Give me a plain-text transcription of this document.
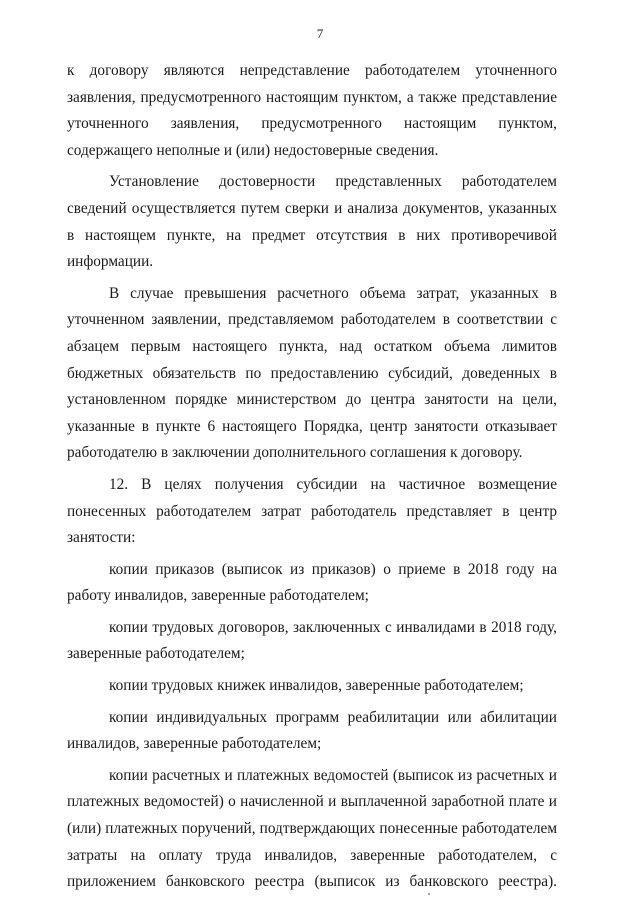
7

к договору являются непредставление работодателем уточненного заявления, предусмотренного настоящим пунктом, а также представление уточненного заявления, предусмотренного настоящим пунктом, содержащего неполные и (или) недостоверные сведения.

Установление достоверности представленных работодателем сведений осуществляется путем сверки и анализа документов, указанных в настоящем пункте, на предмет отсутствия в них противоречивой информации.

В случае превышения расчетного объема затрат, указанных в уточненном заявлении, представляемом работодателем в соответствии с абзацем первым настоящего пункта, над остатком объема лимитов бюджетных обязательств по предоставлению субсидий, доведенных в установленном порядке министерством до центра занятости на цели, указанные в пункте 6 настоящего Порядка, центр занятости отказывает работодателю в заключении дополнительного соглашения к договору.

12. В целях получения субсидии на частичное возмещение понесенных работодателем затрат работодатель представляет в центр занятости:

копии приказов (выписок из приказов) о приеме в 2018 году на работу инвалидов, заверенные работодателем;

копии трудовых договоров, заключенных с инвалидами в 2018 году, заверенные работодателем;

копии трудовых книжек инвалидов, заверенные работодателем;

копии индивидуальных программ реабилитации или абилитации инвалидов, заверенные работодателем;

копии расчетных и платежных ведомостей (выписок из расчетных и платежных ведомостей) о начисленной и выплаченной заработной плате и (или) платежных поручений, подтверждающих понесенные работодателем затраты на оплату труда инвалидов, заверенные работодателем, с приложением банковского реестра (выписок из банковского реестра).
